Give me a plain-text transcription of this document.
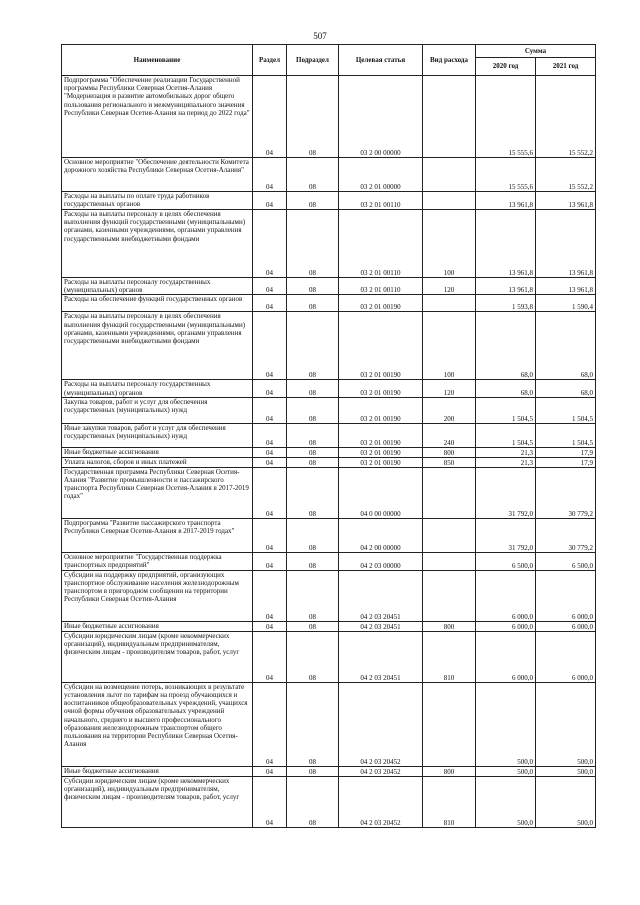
507
Наименование	Раздел	Подраздел	Целевая статья	Вид расхода	Сумма	
					2020 год	2021 год

Подпрограмма "Обеспечение реализации Государственной программы Республики Северная Осетия-Алания "Модернизация и развитие автомобильных дорог общего пользования регионального и межмуниципального значения Республики Северная Осетия-Алания на период до 2022 года"	04	08	03 2 00 00000		15 555,6	15 552,2

Основное мероприятие "Обеспечение деятельности Комитета дорожного хозяйства Республики Северная Осетия-Алания"	04	08	03 2 01 00000		15 555,6	15 552,2

Расходы на выплаты по оплате труда работников государственных органов	04	08	03 2 01 00110		13 961,8	13 961,8

Расходы на выплаты персоналу в целях обеспечения выполнения функций государственными (муниципальными) органами, казенными учреждениями, органами управления государственными внебюджетными фондами	04	08	03 2 01 00110	100	13 961,8	13 961,8

Расходы на выплаты персоналу государственных (муниципальных) органов	04	08	03 2 01 00110	120	13 961,8	13 961,8

Расходы на обеспечение функций государственных органов	04	08	03 2 01 00190		1 593,8	1 590,4

Расходы на выплаты персоналу в целях обеспечения выполнения функций государственными (муниципальными) органами, казенными учреждениями, органами управления государственными внебюджетными фондами	04	08	03 2 01 00190	100	68,0	68,0

Расходы на выплаты персоналу государственных (муниципальных) органов	04	08	03 2 01 00190	120	68,0	68,0

Закупка товаров, работ и услуг для обеспечения государственных (муниципальных) нужд	04	08	03 2 01 00190	200	1 504,5	1 504,5

Иные закупки товаров, работ и услуг для обеспечения государственных (муниципальных) нужд	04	08	03 2 01 00190	240	1 504,5	1 504,5

Иные бюджетные ассигнования	04	08	03 2 01 00190	800	21,3	17,9

Уплата налогов, сборов и иных платежей	04	08	03 2 01 00190	850	21,3	17,9

Государственная программа Республики Северная Осетия-Алания "Развитие промышленности и пассажирского транспорта Республики Северная Осетия-Алания в 2017-2019 годах"	04	08	04 0 00 00000		31 792,0	30 779,2

Подпрограмма "Развитие пассажирского транспорта Республики Северная Осетия-Алания в 2017-2019 годах"	04	08	04 2 00 00000		31 792,0	30 779,2

Основное мероприятие "Государственная поддержка транспортных предприятий"	04	08	04 2 03 00000		6 500,0	6 500,0

Субсидии на поддержку предприятий, организующих транспортное обслуживание населения железнодорожным транспортом в пригородном сообщении на территории Республики Северная Осетия-Алания	04	08	04 2 03 20451		6 000,0	6 000,0

Иные бюджетные ассигнования	04	08	04 2 03 20451	800	6 000,0	6 000,0

Субсидии юридическим лицам (кроме некоммерческих организаций), индивидуальным предпринимателям, физическим лицам - производителям товаров, работ, услуг	04	08	04 2 03 20451	810	6 000,0	6 000,0

Субсидии на возмещение потерь, возникающих в результате установления льгот по тарифам на проезд обучающихся и воспитанников общеобразовательных учреждений, учащихся очной формы обучения образовательных учреждений начального, среднего и высшего профессионального образования железнодорожным транспортом общего пользования на территории Республики Северная Осетия-Алания	04	08	04 2 03 20452		500,0	500,0

Иные бюджетные ассигнования	04	08	04 2 03 20452	800	500,0	500,0

Субсидии юридическим лицам (кроме некоммерческих организаций), индивидуальным предпринимателям, физическим лицам - производителям товаров, работ, услуг	04	08	04 2 03 20452	810	500,0	500,0
